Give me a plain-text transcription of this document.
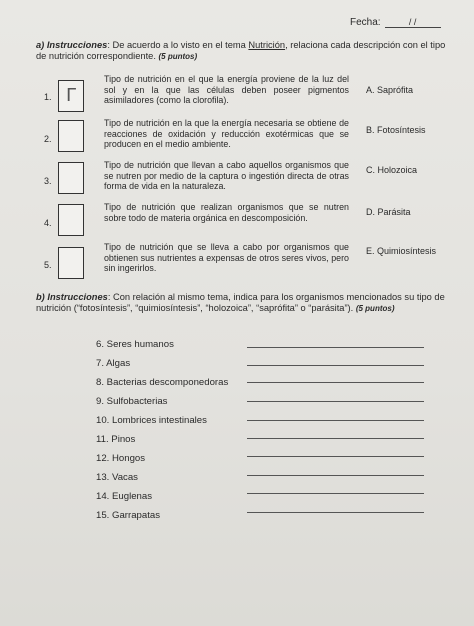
Fecha:	/ /
a) Instrucciones: De acuerdo a lo visto en el tema Nutrición, relaciona cada descripción con el tipo de nutrición correspondiente. (5 puntos)
1. Γ
Tipo de nutrición en el que la energía proviene de la luz del sol y en la que las células deben poseer pigmentos asimiladores (como la clorofila).
A. Saprófita
2.
Tipo de nutrición en la que la energía necesaria se obtiene de reacciones de oxidación y reducción exotérmicas que se producen en el medio ambiente.
B. Fotosíntesis
3.
Tipo de nutrición que llevan a cabo aquellos organismos que se nutren por medio de la captura o ingestión directa de otras forma de vida en la naturaleza.
C. Holozoica
4.
Tipo de nutrición que realizan organismos que se nutren sobre todo de materia orgánica en descomposición.
D. Parásita
5.
Tipo de nutrición que se lleva a cabo por organismos que obtienen sus nutrientes a expensas de otros seres vivos, pero sin ingerirlos.
E. Quimiosíntesis
b) Instrucciones: Con relación al mismo tema, indica para los organismos mencionados su tipo de nutrición (“fotosíntesis”, “quimiosíntesis”, “holozoica”, “saprófita” o “parásita”). (5 puntos)
6. Seres humanos
7. Algas
8. Bacterias descomponedoras
9. Sulfobacterias
10. Lombrices intestinales
11. Pinos
12. Hongos
13. Vacas
14. Euglenas
15. Garrapatas
